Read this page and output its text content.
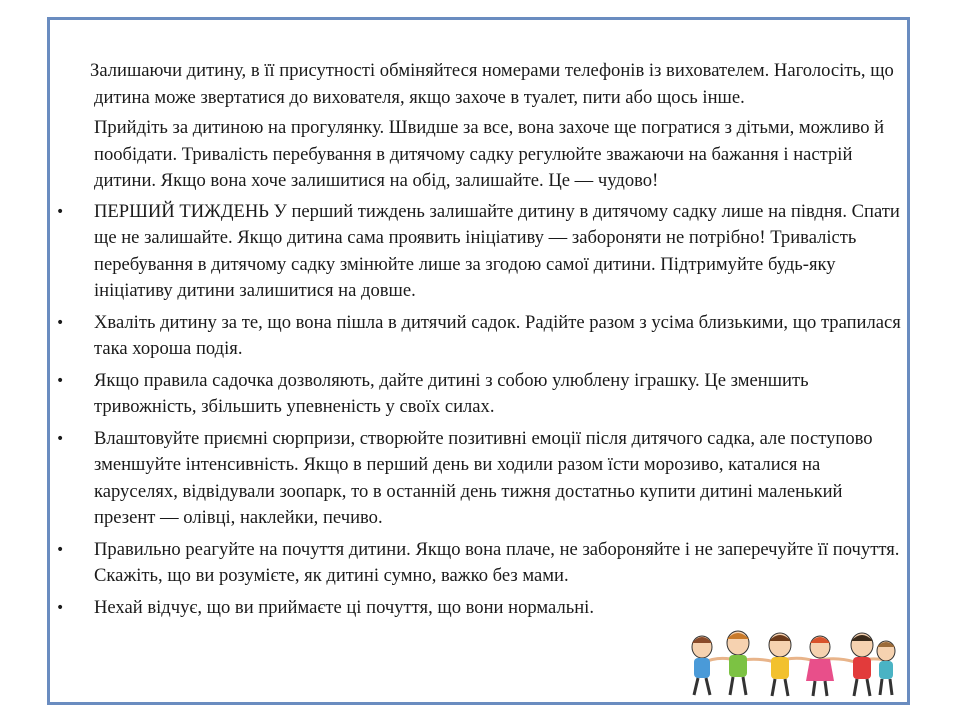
Залишаючи дитину, в її присутності обміняйтеся номерами телефонів із вихователем. Наголосіть, що дитина може звертатися до вихователя, якщо захоче в туалет, пити або щось інше.

Прийдіть за дитиною на прогулянку. Швидше за все, вона захоче ще погратися з дітьми, можливо й пообідати. Тривалість перебування в дитячому садку регулюйте зважаючи на бажання і настрій дитини. Якщо вона хоче залишитися на обід, залишайте. Це — чудово!

•	ПЕРШИЙ ТИЖДЕНЬ У перший тиждень залишайте дитину в дитячому садку лише на півдня. Спати ще не залишайте. Якщо дитина сама проявить ініціативу — забороняти не потрібно! Тривалість перебування в дитячому садку змінюйте лише за згодою самої дитини. Підтримуйте будь-яку ініціативу дитини залишитися на довше.
•	Хваліть дитину за те, що вона пішла в дитячий садок. Радійте разом з усіма близькими, що трапилася така хороша подія.
•	Якщо правила садочка дозволяють, дайте дитині з собою улюблену іграшку. Це зменшить тривожність, збільшить упевненість у своїх силах.
•	Влаштовуйте приємні сюрпризи, створюйте позитивні емоції після дитячого садка, але поступово зменшуйте інтенсивність. Якщо в перший день ви ходили разом їсти морозиво, каталися на каруселях, відвідували зоопарк, то в останній день тижня достатньо купити дитині маленький презент — олівці, наклейки, печиво.
•	Правильно реагуйте на почуття дитини. Якщо вона плаче, не забороняйте і не заперечуйте її почуття. Скажіть, що ви розумієте, як дитині сумно, важко без мами.
•	Нехай відчує, що ви приймаєте ці почуття, що вони нормальні.
